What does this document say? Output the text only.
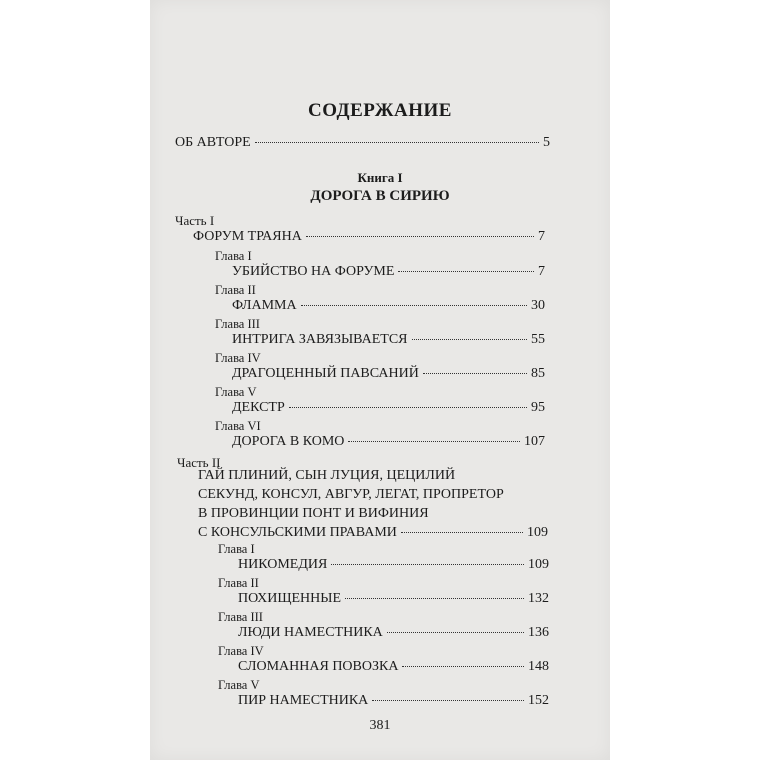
СОДЕРЖАНИЕ
ОБ АВТОРЕ	5
Книга I
ДОРОГА В СИРИЮ
Часть I
ФОРУМ ТРАЯНА	7
Глава I
УБИЙСТВО НА ФОРУМЕ	7
Глава II
ФЛАММА	30
Глава III
ИНТРИГА ЗАВЯЗЫВАЕТСЯ	55
Глава IV
ДРАГОЦЕННЫЙ ПАВСАНИЙ	85
Глава V
ДЕКСТР	95
Глава VI
ДОРОГА В КОМО	107
Часть II
ГАЙ ПЛИНИЙ, СЫН ЛУЦИЯ, ЦЕЦИЛИЙ
СЕКУНД, КОНСУЛ, АВГУР, ЛЕГАТ, ПРОПРЕТОР
В ПРОВИНЦИИ ПОНТ И ВИФИНИЯ
С КОНСУЛЬСКИМИ ПРАВАМИ	109
Глава I
НИКОМЕДИЯ	109
Глава II
ПОХИЩЕННЫЕ	132
Глава III
ЛЮДИ НАМЕСТНИКА	136
Глава IV
СЛОМАННАЯ ПОВОЗКА	148
Глава V
ПИР НАМЕСТНИКА	152
381
